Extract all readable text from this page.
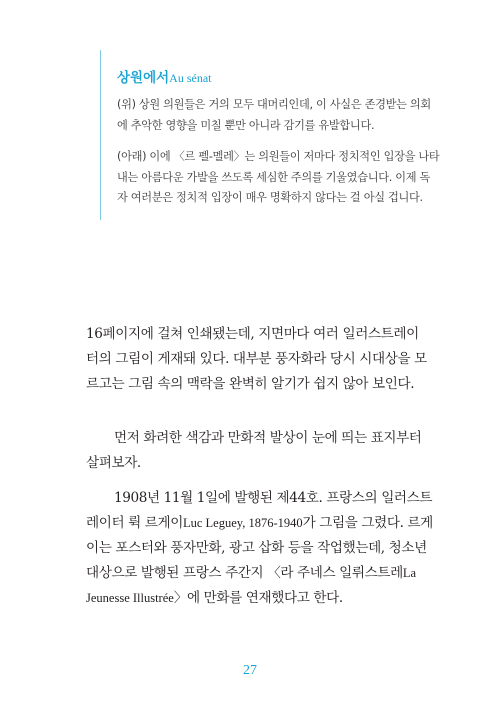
상원에서Au sénat

(위) 상원 의원들은 거의 모두 대머리인데, 이 사실은 존경받는 의회
에 추악한 영향을 미칠 뿐만 아니라 감기를 유발합니다.

(아래) 이에 〈르 펠-멜레〉는 의원들이 저마다 정치적인 입장을 나타
내는 아름다운 가발을 쓰도록 세심한 주의를 기울였습니다. 이제 독
자 여러분은 정치적 입장이 매우 명확하지 않다는 걸 아실 겁니다.

16페이지에 걸쳐 인쇄됐는데, 지면마다 여러 일러스트레이
터의 그림이 게재돼 있다. 대부분 풍자화라 당시 시대상을 모
르고는 그림 속의 맥락을 완벽히 알기가 쉽지 않아 보인다.

먼저 화려한 색감과 만화적 발상이 눈에 띄는 표지부터
살펴보자.

1908년 11월 1일에 발행된 제44호. 프랑스의 일러스트
레이터 뤽 르게이Luc Leguey, 1876-1940가 그림을 그렸다. 르게
이는 포스터와 풍자만화, 광고 삽화 등을 작업했는데, 청소년
대상으로 발행된 프랑스 주간지 〈라 주네스 일뤼스트레La
Jeunesse Illustrée〉에 만화를 연재했다고 한다.

27
